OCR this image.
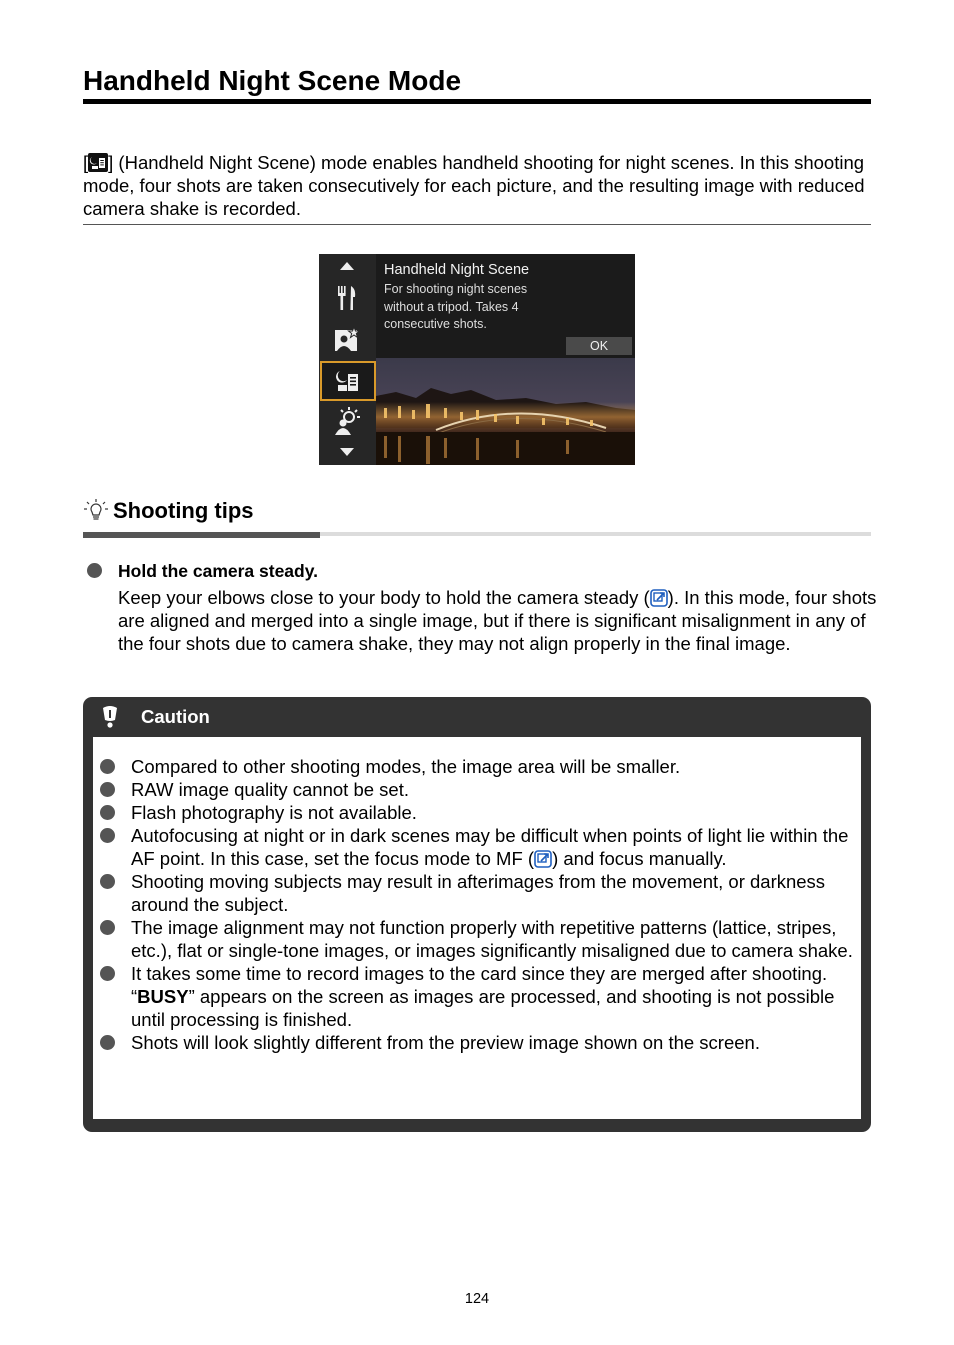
Handheld Night Scene Mode
[ ] (Handheld Night Scene) mode enables handheld shooting for night scenes. In this shooting mode, four shots are taken consecutively for each picture, and the resulting image with reduced camera shake is recorded.
Handheld Night Scene
For shooting night scenes
without a tripod. Takes 4
consecutive shots.
OK
Shooting tips
Hold the camera steady.
Keep your elbows close to your body to hold the camera steady ( ). In this mode, four shots are aligned and merged into a single image, but if there is significant misalignment in any of the four shots due to camera shake, they may not align properly in the final image.
Caution
Compared to other shooting modes, the image area will be smaller.
RAW image quality cannot be set.
Flash photography is not available.
Autofocusing at night or in dark scenes may be difficult when points of light lie within the AF point. In this case, set the focus mode to MF ( ) and focus manually.
Shooting moving subjects may result in afterimages from the movement, or darkness around the subject.
The image alignment may not function properly with repetitive patterns (lattice, stripes, etc.), flat or single-tone images, or images significantly misaligned due to camera shake.
It takes some time to record images to the card since they are merged after shooting. “BUSY” appears on the screen as images are processed, and shooting is not possible until processing is finished.
Shots will look slightly different from the preview image shown on the screen.
124
